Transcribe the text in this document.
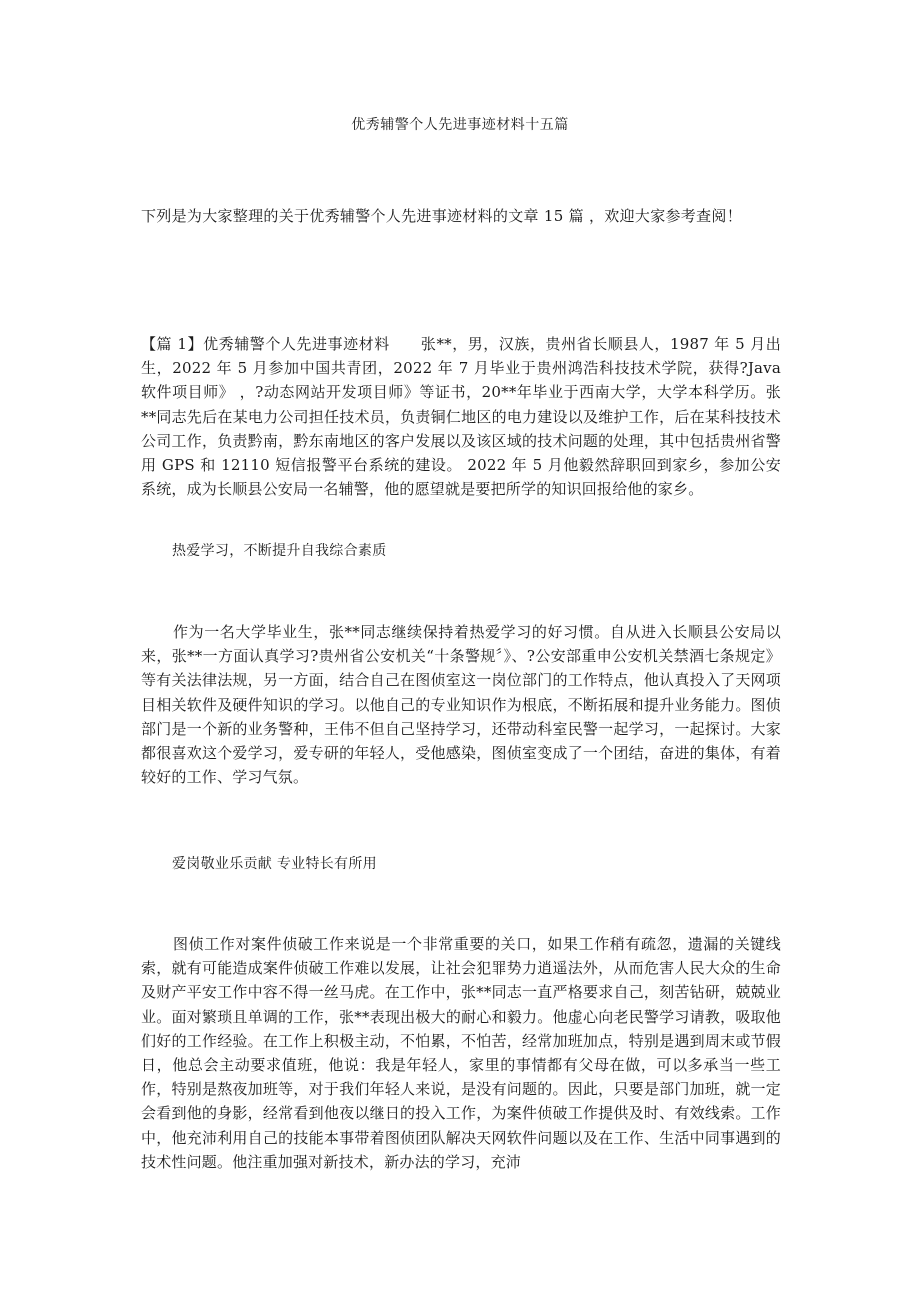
优秀辅警个人先进事迹材料十五篇
下列是为大家整理的关于优秀辅警个人先进事迹材料的文章 15 篇 ，欢迎大家参考查阅！
【篇 1】优秀辅警个人先进事迹材料　　张**，男，汉族，贵州省长顺县人，1987 年 5 月出生，2022 年 5 月参加中国共青团，2022 年 7 月毕业于贵州鸿浩科技技术学院，获得?Java 软件项目师》 ，?动态网站开发项目师》等证书，20**年毕业于西南大学，大学本科学历。张**同志先后在某电力公司担任技术员，负责铜仁地区的电力建设以及维护工作，后在某科技技术公司工作，负责黔南，黔东南地区的客户发展以及该区域的技术问题的处理，其中包括贵州省警用 GPS 和 12110 短信报警平台系统的建设。 2022 年 5 月他毅然辞职回到家乡，参加公安系统，成为长顺县公安局一名辅警，他的愿望就是要把所学的知识回报给他的家乡。
热爱学习，不断提升自我综合素质
作为一名大学毕业生，张**同志继续保持着热爱学习的好习惯。自从进入长顺县公安局以来，张**一方面认真学习?贵州省公安机关“十条警规〞》、?公安部重申公安机关禁酒七条规定》等有关法律法规，另一方面，结合自己在图侦室这一岗位部门的工作特点，他认真投入了天网项目相关软件及硬件知识的学习。以他自己的专业知识作为根底，不断拓展和提升业务能力。图侦部门是一个新的业务警种，王伟不但自己坚持学习，还带动科室民警一起学习，一起探讨。大家都很喜欢这个爱学习，爱专研的年轻人，受他感染，图侦室变成了一个团结，奋进的集体，有着较好的工作、学习气氛。
爱岗敬业乐贡献 专业特长有所用
图侦工作对案件侦破工作来说是一个非常重要的关口，如果工作稍有疏忽，遗漏的关键线索，就有可能造成案件侦破工作难以发展，让社会犯罪势力逍遥法外，从而危害人民大众的生命及财产平安工作中容不得一丝马虎。在工作中，张**同志一直严格要求自己，刻苦钻研，兢兢业业。面对繁琐且单调的工作，张**表现出极大的耐心和毅力。他虚心向老民警学习请教，吸取他们好的工作经验。在工作上积极主动，不怕累，不怕苦，经常加班加点，特别是遇到周末或节假日，他总会主动要求值班，他说：我是年轻人，家里的事情都有父母在做，可以多承当一些工作，特别是熬夜加班等，对于我们年轻人来说，是没有问题的。因此，只要是部门加班，就一定会看到他的身影，经常看到他夜以继日的投入工作，为案件侦破工作提供及时、有效线索。工作中，他充沛利用自己的技能本事带着图侦团队解决天网软件问题以及在工作、生活中同事遇到的技术性问题。他注重加强对新技术，新办法的学习，充沛
